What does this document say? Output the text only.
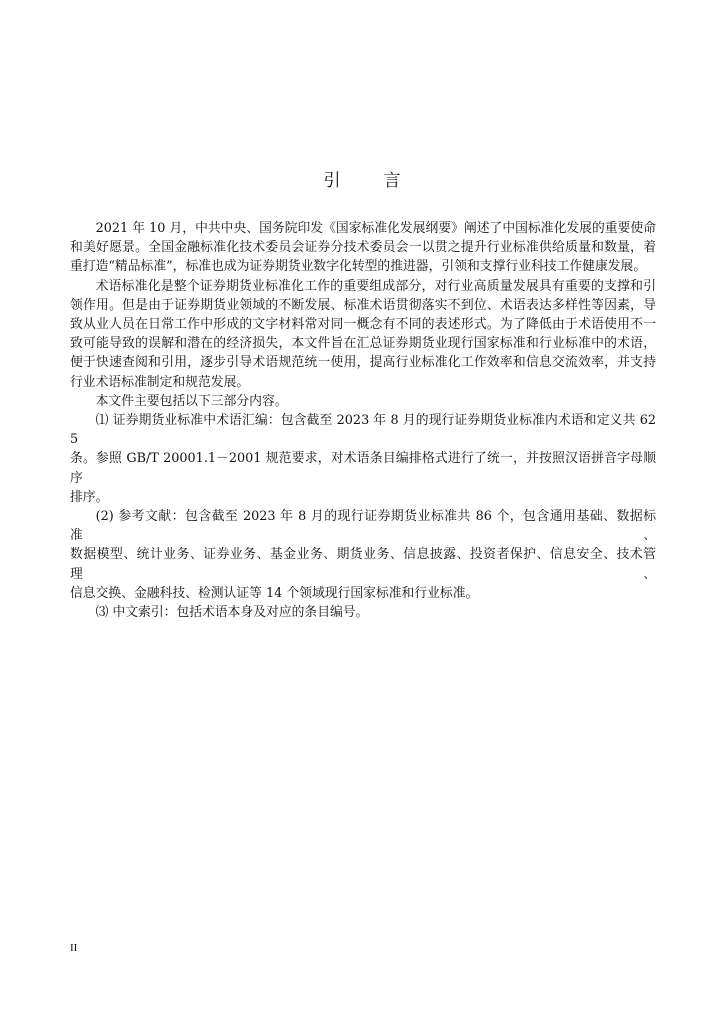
引　言
2021 年 10 月，中共中央、国务院印发《国家标准化发展纲要》阐述了中国标准化发展的重要使命
和美好愿景。全国金融标准化技术委员会证券分技术委员会一以贯之提升行业标准供给质量和数量，着
重打造“精品标准”，标准也成为证券期货业数字化转型的推进器，引领和支撑行业科技工作健康发展。
术语标准化是整个证券期货业标准化工作的重要组成部分，对行业高质量发展具有重要的支撑和引
领作用。但是由于证券期货业领域的不断发展、标准术语贯彻落实不到位、术语表达多样性等因素，导
致从业人员在日常工作中形成的文字材料常对同一概念有不同的表述形式。为了降低由于术语使用不一
致可能导致的误解和潜在的经济损失，本文件旨在汇总证券期货业现行国家标准和行业标准中的术语，
便于快速查阅和引用，逐步引导术语规范统一使用，提高行业标准化工作效率和信息交流效率，并支持
行业术语标准制定和规范发展。
本文件主要包括以下三部分内容。
⑴ 证券期货业标准中术语汇编：包含截至 2023 年 8 月的现行证券期货业标准内术语和定义共 625
条。参照 GB/T 20001.1－2001 规范要求，对术语条目编排格式进行了统一，并按照汉语拼音字母顺序
排序。
(2) 参考文献：包含截至 2023 年 8 月的现行证券期货业标准共 86 个，包含通用基础、数据标准、
数据模型、统计业务、证券业务、基金业务、期货业务、信息披露、投资者保护、信息安全、技术管理、
信息交换、金融科技、检测认证等 14 个领域现行国家标准和行业标准。
⑶ 中文索引：包括术语本身及对应的条目编号。
II
